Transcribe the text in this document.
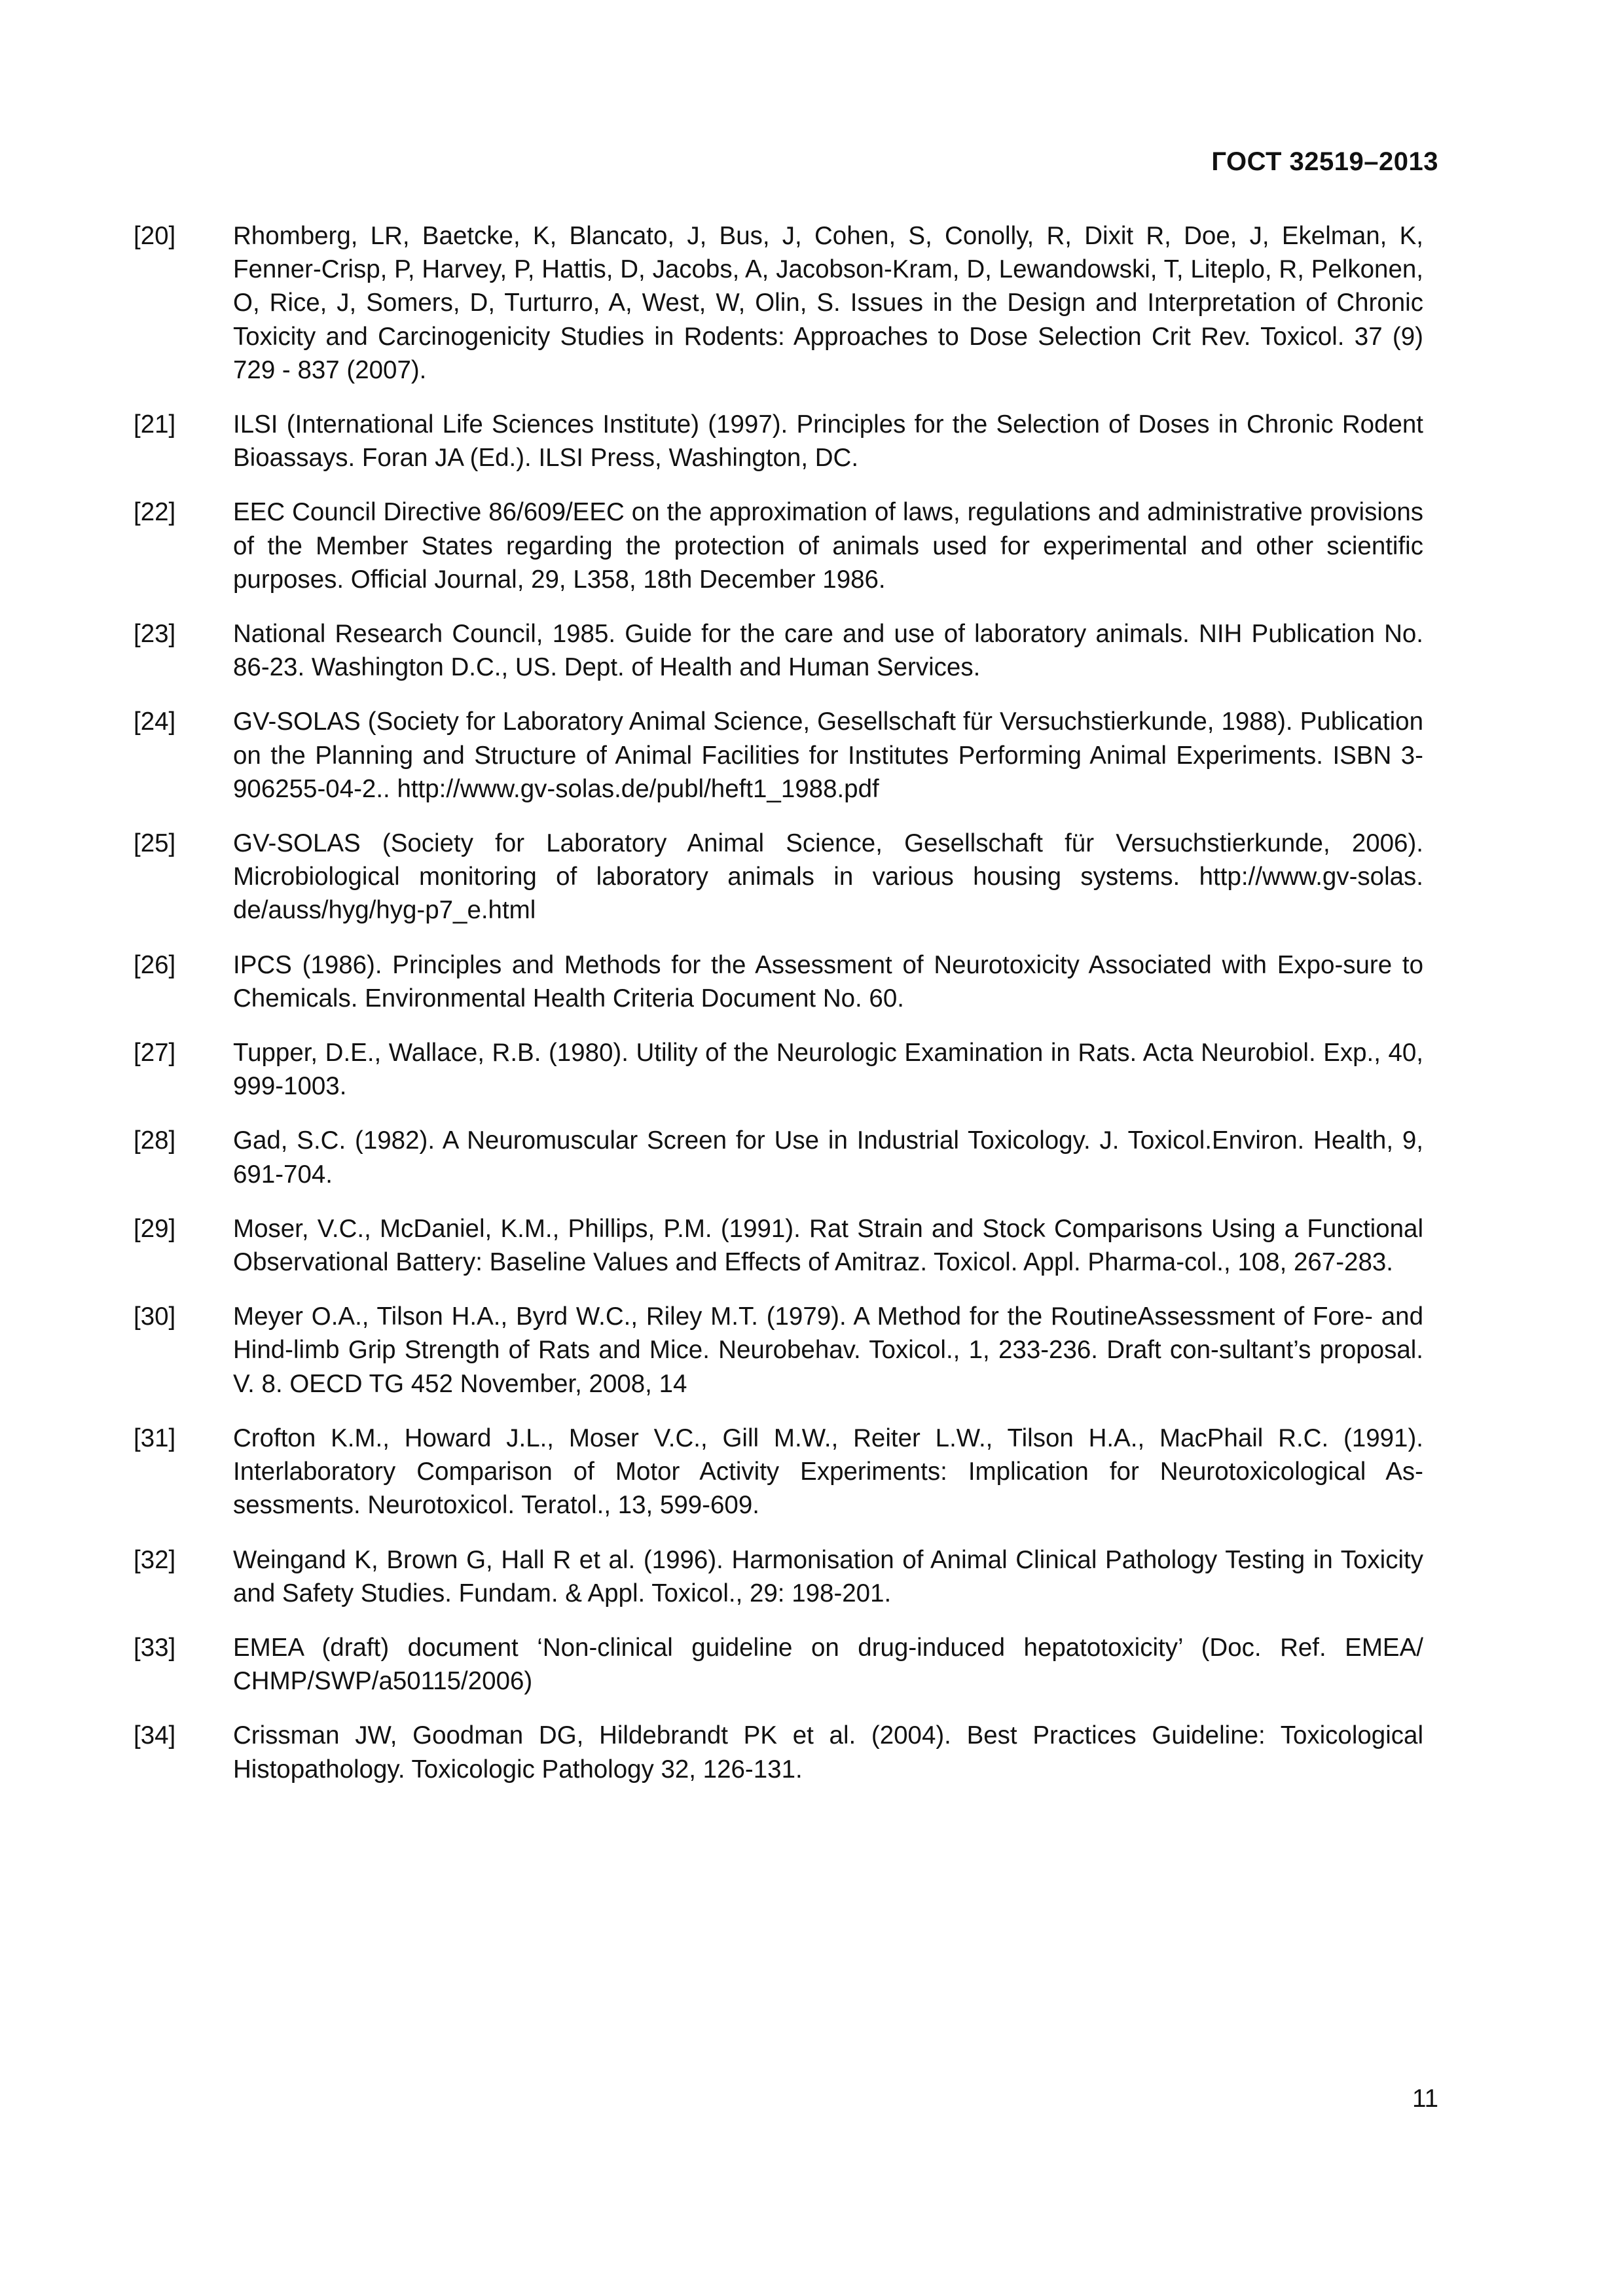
ГОСТ 32519–2013
[20]	Rhomberg, LR, Baetcke, K, Blancato, J, Bus, J, Cohen, S, Conolly, R, Dixit R, Doe, J, Ekelman, K, Fenner-Crisp, P, Harvey, P, Hattis, D, Jacobs, A, Jacobson-Kram, D, Lewandowski, T, Liteplo, R, Pelkonen, O, Rice, J, Somers, D, Turturro, A, West, W, Olin, S. Issues in the Design and Interpretation of Chronic Toxicity and Carcinogenicity Studies in Rodents: Approaches to Dose Selection Crit Rev. Toxicol. 37 (9) 729 - 837 (2007).
[21]	ILSI (International Life Sciences Institute) (1997). Principles for the Selection of Doses in Chronic Rodent Bioassays. Foran JA (Ed.). ILSI Press, Washington, DC.
[22]	EEC Council Directive 86/609/EEC on the approximation of laws, regulations and administrative provisions of the Member States regarding the protection of animals used for experimental and other scientific purposes. Official Journal, 29, L358, 18th December 1986.
[23]	National Research Council, 1985. Guide for the care and use of laboratory animals. NIH Publication No. 86-23. Washington D.C., US. Dept. of Health and Human Services.
[24]	GV-SOLAS (Society for Laboratory Animal Science, Gesellschaft für Versuchstierkunde, 1988). Publication on the Planning and Structure of Animal Facilities for Institutes Performing Animal Experiments. ISBN 3-906255-04-2.. http://www.gv-solas.de/publ/heft1_1988.pdf
[25]	GV-SOLAS (Society for Laboratory Animal Science, Gesellschaft für Versuchstierkunde, 2006). Microbiological monitoring of laboratory animals in various housing systems. http://www.gv-solas.​de/auss/hyg/hyg-p7_e.html
[26]	IPCS (1986). Principles and Methods for the Assessment of Neurotoxicity Associated with Expo-​sure to Chemicals. Environmental Health Criteria Document No. 60.
[27]	Tupper, D.E., Wallace, R.B. (1980). Utility of the Neurologic Examination in Rats. Acta Neurobiol. Exp., 40, 999-1003.
[28]	Gad, S.C. (1982). A Neuromuscular Screen for Use in Industrial Toxicology. J. Toxicol.Environ. Health, 9, 691-704.
[29]	Moser, V.C., McDaniel, K.M., Phillips, P.M. (1991). Rat Strain and Stock Comparisons Using a Functional Observational Battery: Baseline Values and Effects of Amitraz. Toxicol. Appl. Pharma-​col., 108, 267-283.
[30]	Meyer O.A., Tilson H.A., Byrd W.C., Riley M.T. (1979). A Method for the RoutineAssessment of Fore- and Hind-limb Grip Strength of Rats and Mice. Neurobehav. Toxicol., 1, 233-236. Draft con-​sultant’s proposal. V. 8. OECD TG 452 November, 2008, 14
[31]	Crofton K.M., Howard J.L., Moser V.C., Gill M.W., Reiter L.W., Tilson H.A., MacPhail R.C. (1991). Interlaboratory Comparison of Motor Activity Experiments: Implication for Neurotoxicological As-​sessments. Neurotoxicol. Teratol., 13, 599-609.
[32]	Weingand K, Brown G, Hall R et al. (1996). Harmonisation of Animal Clinical Pathology Testing in Toxicity and Safety Studies. Fundam. & Appl. Toxicol., 29: 198-201.
[33]	EMEA (draft) document ‘Non-clinical guideline on drug-induced hepatotoxicity’ (Doc. Ref. EMEA/​CHMP/SWP/a50115/2006)
[34]	Crissman JW, Goodman DG, Hildebrandt PK et al. (2004). Best Practices Guideline: Toxicological Histopathology. Toxicologic Pathology 32, 126-131.
11
